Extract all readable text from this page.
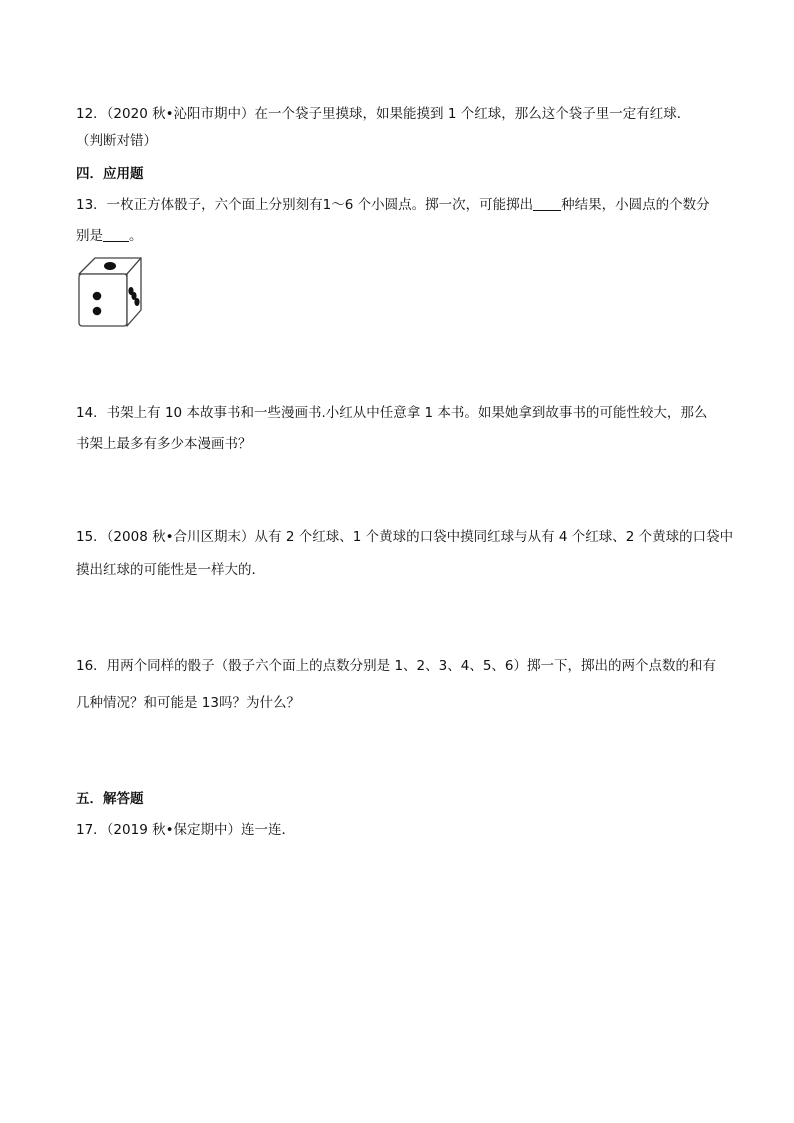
12．（2020 秋•沁阳市期中）在一个袋子里摸球，如果能摸到 1 个红球，那么这个袋子里一定有红球．
（判断对错）
四．应用题
13．一枚正方体骰子，六个面上分别刻有1～6 个小圆点。掷一次，可能掷出 种结果，小圆点的个数分
别是 。
14．书架上有 10 本故事书和一些漫画书.小红从中任意拿 1 本书。如果她拿到故事书的可能性较大，那么
书架上最多有多少本漫画书？
15．（2008 秋•合川区期末）从有 2 个红球、1 个黄球的口袋中摸同红球与从有 4 个红球、2 个黄球的口袋中
摸出红球的可能性是一样大的．
16．用两个同样的骰子（骰子六个面上的点数分别是 1、2、3、4、5、6）掷一下，掷出的两个点数的和有
几种情况？和可能是 13吗？为什么？
五．解答题
17．（2019 秋•保定期中）连一连．
